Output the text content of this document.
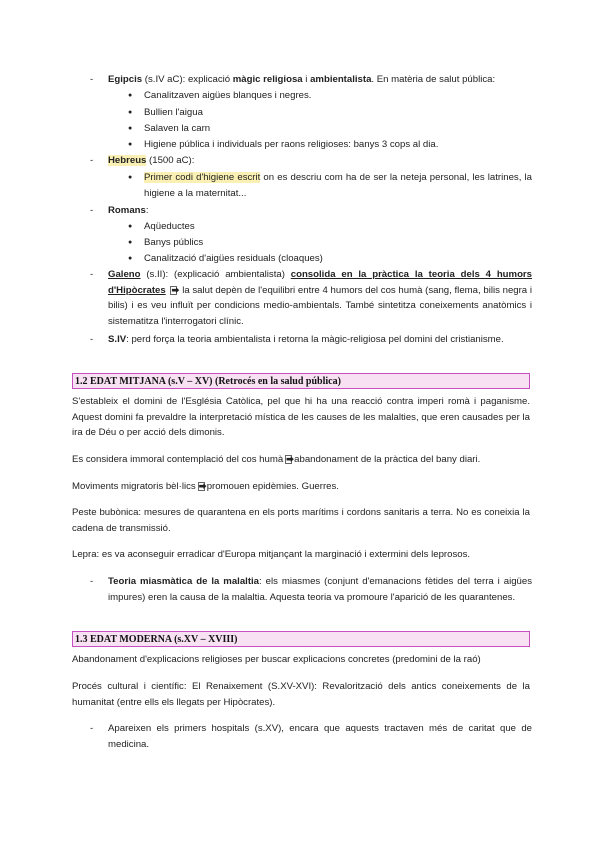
- Egipcis (s.IV aC): explicació màgic religiosa i ambientalista. En matèria de salut pública:
● Canalitzaven aigües blanques i negres.
● Bullien l'aigua
● Salaven la carn
● Higiene pública i individuals per raons religioses: banys 3 cops al dia.
- Hebreus (1500 aC):
● Primer codi d'higiene escrit on es descriu com ha de ser la neteja personal, les latrines, la higiene a la maternitat...
- Romans:
● Aqüeductes
● Banys públics
● Canalització d'aigües residuals (cloaques)
- Galeno (s.II): (explicació ambientalista) consolida en la pràctica la teoria dels 4 humors d'Hipòcrates ⮕ la salut depèn de l'equilibri entre 4 humors del cos humà (sang, flema, bilis negra i bilis) i es veu influït per condicions medio-ambientals. També sintetitza coneixements anatòmics i sistematitza l'interrogatori clínic.
- S.IV: perd força la teoria ambientalista i retorna la màgic-religiosa pel domini del cristianisme.
1.2 EDAT MITJANA (s.V – XV) (Retrocés en la salud pública)
S'estableix el domini de l'Església Catòlica, pel que hi ha una reacció contra imperi romà i paganisme. Aquest domini fa prevaldre la interpretació mística de les causes de les malalties, que eren causades per la ira de Déu o per acció dels dimonis.
Es considera immoral contemplació del cos humà ⮕abandonament de la pràctica del bany diari.
Moviments migratoris bèl·lics ⮕promouen epidèmies. Guerres.
Peste bubònica: mesures de quarantena en els ports marítims i cordons sanitaris a terra. No es coneixia la cadena de transmissió.
Lepra: es va aconseguir erradicar d'Europa mitjançant la marginació i extermini dels leprosos.
- Teoria miasmàtica de la malaltia: els miasmes (conjunt d'emanacions fètides del terra i aigües impures) eren la causa de la malaltia. Aquesta teoria va promoure l'aparició de les quarantenes.
1.3 EDAT MODERNA (s.XV – XVIII)
Abandonament d'explicacions religioses per buscar explicacions concretes (predomini de la raó)
Procés cultural i científic: El Renaixement (S.XV-XVI): Revalorització dels antics coneixements de la humanitat (entre ells els llegats per Hipòcrates).
- Apareixen els primers hospitals (s.XV), encara que aquests tractaven més de caritat que de medicina.
